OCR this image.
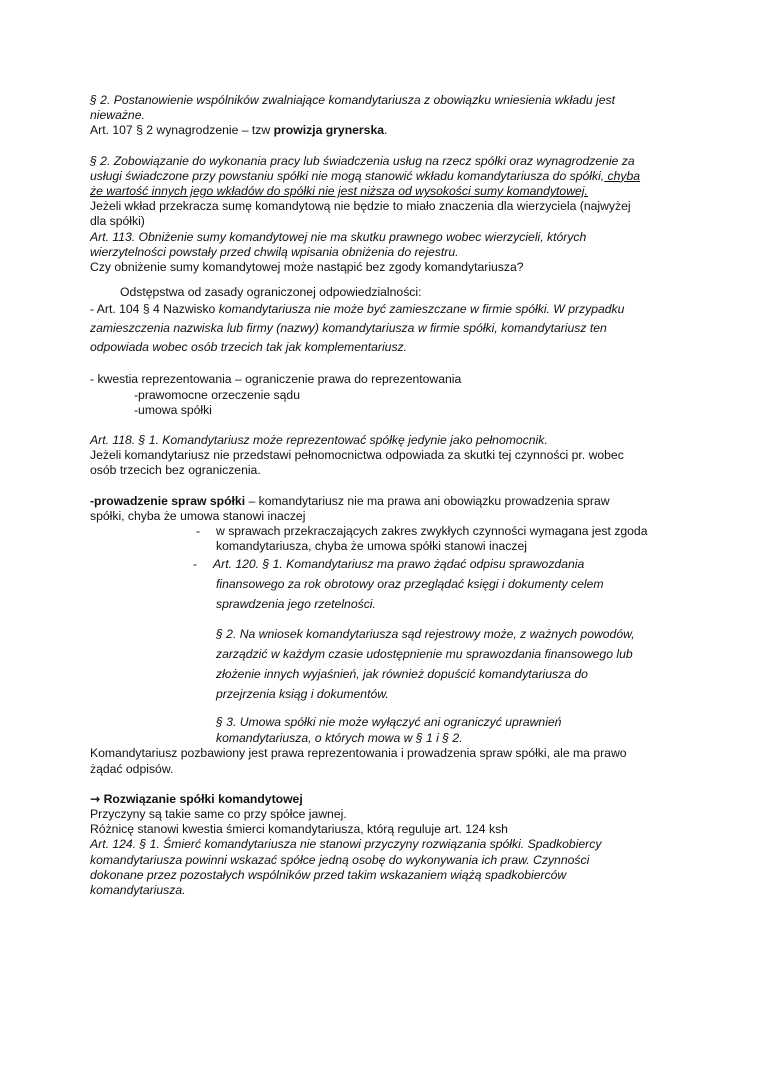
§ 2. Postanowienie wspólników zwalniające komandytariusza z obowiązku wniesienia wkładu jest

nieważne.

Art. 107 § 2 wynagrodzenie – tzw prowizja grynerska.

§ 2. Zobowiązanie do wykonania pracy lub świadczenia usług na rzecz spółki oraz wynagrodzenie za

usługi świadczone przy powstaniu spółki nie mogą stanowić wkładu komandytariusza do spółki, chyba

że wartość innych jego wkładów do spółki nie jest niższa od wysokości sumy komandytowej.

Jeżeli wkład przekracza sumę komandytową nie będzie to miało znaczenia dla wierzyciela (najwyżej

dla spółki)

Art. 113. Obniżenie sumy komandytowej nie ma skutku prawnego wobec wierzycieli, których

wierzytelności powstały przed chwilą wpisania obniżenia do rejestru.

Czy obniżenie sumy komandytowej może nastąpić bez zgody komandytariusza?

Odstępstwa od zasady ograniczonej odpowiedzialności:

- Art. 104 § 4 Nazwisko komandytariusza nie może być zamieszczane w firmie spółki. W przypadku

zamieszczenia nazwiska lub firmy (nazwy) komandytariusza w firmie spółki, komandytariusz ten

odpowiada wobec osób trzecich tak jak komplementariusz.

- kwestia reprezentowania – ograniczenie prawa do reprezentowania

-prawomocne orzeczenie sądu

-umowa spółki

Art. 118. § 1. Komandytariusz może reprezentować spółkę jedynie jako pełnomocnik.

Jeżeli komandytariusz nie przedstawi pełnomocnictwa odpowiada za skutki tej czynności pr. wobec

osób trzecich bez ograniczenia.

-prowadzenie spraw spółki – komandytariusz nie ma prawa ani obowiązku prowadzenia spraw

spółki, chyba że umowa stanowi inaczej

- w sprawach przekraczających zakres zwykłych czynności wymagana jest zgoda

komandytariusza, chyba że umowa spółki stanowi inaczej

- Art. 120. § 1. Komandytariusz ma prawo żądać odpisu sprawozdania

finansowego za rok obrotowy oraz przeglądać księgi i dokumenty celem

sprawdzenia jego rzetelności.

§ 2. Na wniosek komandytariusza sąd rejestrowy może, z ważnych powodów,

zarządzić w każdym czasie udostępnienie mu sprawozdania finansowego lub

złożenie innych wyjaśnień, jak również dopuścić komandytariusza do

przejrzenia ksiąg i dokumentów.

§ 3. Umowa spółki nie może wyłączyć ani ograniczyć uprawnień

komandytariusza, o których mowa w § 1 i § 2.

Komandytariusz pozbawiony jest prawa reprezentowania i prowadzenia spraw spółki, ale ma prawo

żądać odpisów.

→ Rozwiązanie spółki komandytowej

Przyczyny są takie same co przy spółce jawnej.

Różnicę stanowi kwestia śmierci komandytariusza, którą reguluje art. 124 ksh

Art. 124. § 1. Śmierć komandytariusza nie stanowi przyczyny rozwiązania spółki. Spadkobiercy

komandytariusza powinni wskazać spółce jedną osobę do wykonywania ich praw. Czynności

dokonane przez pozostałych wspólników przed takim wskazaniem wiążą spadkobierców

komandytariusza.
